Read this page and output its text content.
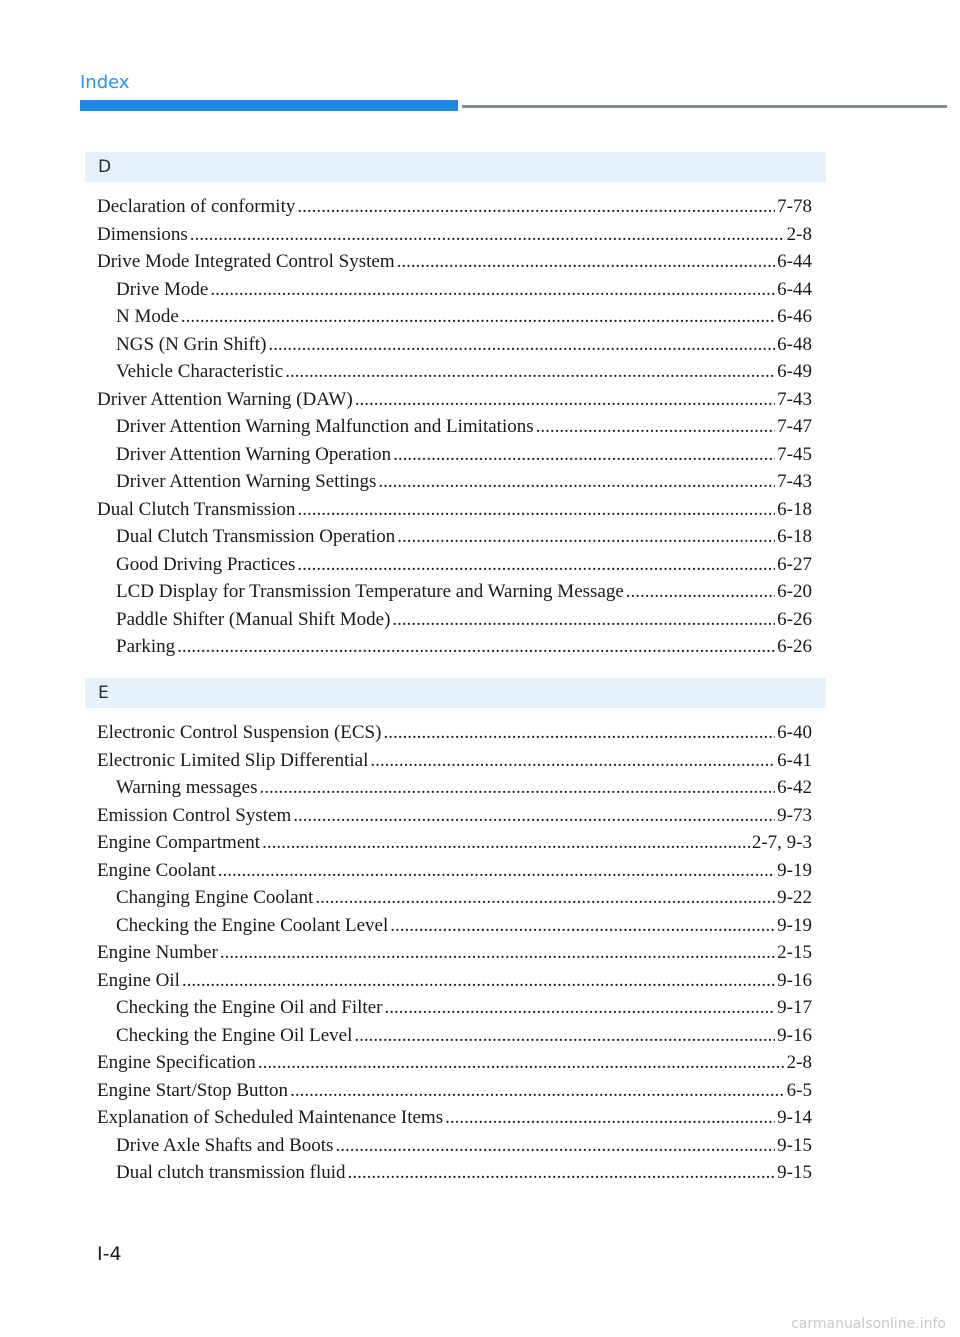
Index
D
Declaration of conformity .....	7-78
Dimensions .....	2-8
Drive Mode Integrated Control System .....	6-44
Drive Mode .....	6-44
N Mode .....	6-46
NGS (N Grin Shift) .....	6-48
Vehicle Characteristic .....	6-49
Driver Attention Warning (DAW) .....	7-43
Driver Attention Warning Malfunction and Limitations .....	7-47
Driver Attention Warning Operation .....	7-45
Driver Attention Warning Settings .....	7-43
Dual Clutch Transmission .....	6-18
Dual Clutch Transmission Operation .....	6-18
Good Driving Practices .....	6-27
LCD Display for Transmission Temperature and Warning Message .....	6-20
Paddle Shifter (Manual Shift Mode) .....	6-26
Parking .....	6-26
E
Electronic Control Suspension (ECS) .....	6-40
Electronic Limited Slip Differential .....	6-41
Warning messages .....	6-42
Emission Control System .....	9-73
Engine Compartment .....	2-7, 9-3
Engine Coolant .....	9-19
Changing Engine Coolant .....	9-22
Checking the Engine Coolant Level .....	9-19
Engine Number .....	2-15
Engine Oil .....	9-16
Checking the Engine Oil and Filter .....	9-17
Checking the Engine Oil Level .....	9-16
Engine Specification .....	2-8
Engine Start/Stop Button .....	6-5
Explanation of Scheduled Maintenance Items .....	9-14
Drive Axle Shafts and Boots .....	9-15
Dual clutch transmission fluid .....	9-15
I-4
carmanualsonline.info
